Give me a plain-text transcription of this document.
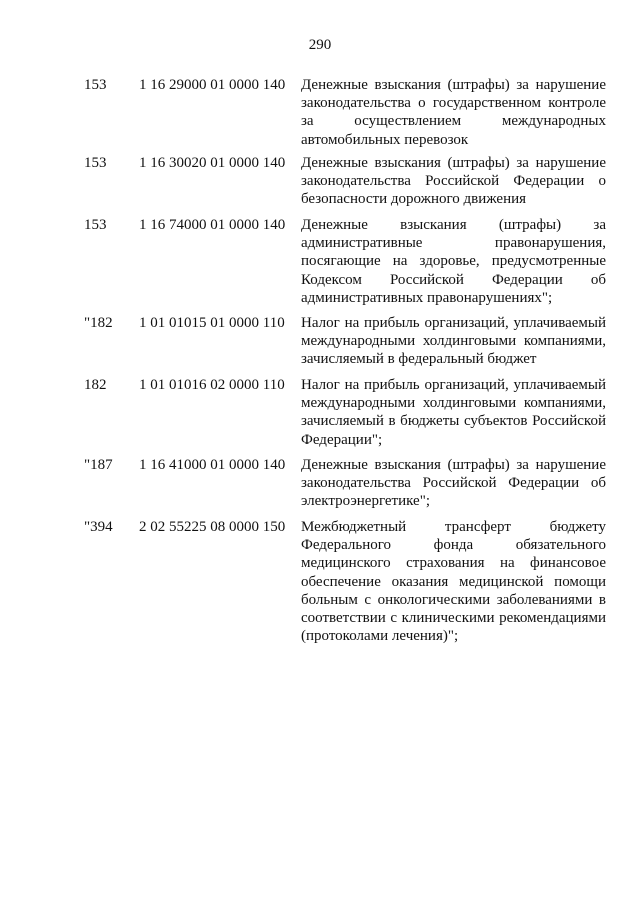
290
153	1 16 29000 01 0000 140	Денежные взыскания (штрафы) за нарушение законодательства о государственном контроле за осуществлением международных автомобильных перевозок
153	1 16 30020 01 0000 140	Денежные взыскания (штрафы) за нарушение законодательства Российской Федерации о безопасности дорожного движения
153	1 16 74000 01 0000 140	Денежные взыскания (штрафы) за административные правонарушения, посягающие на здоровье, предусмотренные Кодексом Российской Федерации об административных правонарушениях";
"182	1 01 01015 01 0000 110	Налог на прибыль организаций, уплачиваемый международными холдинговыми компаниями, зачисляемый в федеральный бюджет
182	1 01 01016 02 0000 110	Налог на прибыль организаций, уплачиваемый международными холдинговыми компаниями, зачисляемый в бюджеты субъектов Российской Федерации";
"187	1 16 41000 01 0000 140	Денежные взыскания (штрафы) за нарушение законодательства Российской Федерации об электроэнергетике";
"394	2 02 55225 08 0000 150	Межбюджетный трансферт бюджету Федерального фонда обязательного медицинского страхования на финансовое обеспечение оказания медицинской помощи больным с онкологическими заболеваниями в соответствии с клиническими рекомендациями (протоколами лечения)";
